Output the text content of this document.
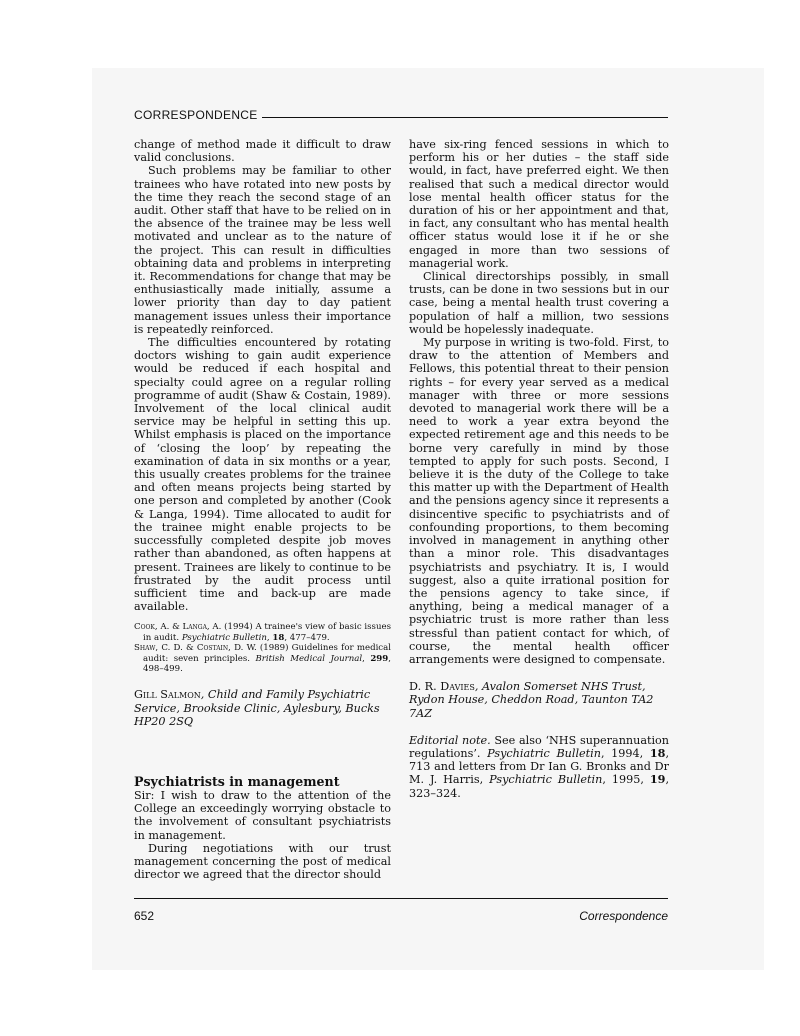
CORRESPONDENCE

change of method made it difficult to draw valid conclusions.

Such problems may be familiar to other trainees who have rotated into new posts by the time they reach the second stage of an audit. Other staff that have to be relied on in the absence of the trainee may be less well motivated and unclear as to the nature of the project. This can result in difficulties obtaining data and problems in interpreting it. Recommendations for change that may be enthusiastically made initially, assume a lower priority than day to day patient management issues unless their importance is repeatedly reinforced.

The difficulties encountered by rotating doctors wishing to gain audit experience would be reduced if each hospital and specialty could agree on a regular rolling programme of audit (Shaw & Costain, 1989). Involvement of the local clinical audit service may be helpful in setting this up. Whilst emphasis is placed on the importance of ‘closing the loop’ by repeating the examination of data in six months or a year, this usually creates problems for the trainee and often means projects being started by one person and completed by another (Cook & Langa, 1994). Time allocated to audit for the trainee might enable projects to be successfully completed despite job moves rather than abandoned, as often happens at present. Trainees are likely to continue to be frustrated by the audit process until sufficient time and back-up are made available.

Cook, A. & Langa, A. (1994) A trainee's view of basic issues in audit. Psychiatric Bulletin, 18, 477–479.

Shaw, C. D. & Costain, D. W. (1989) Guidelines for medical audit: seven principles. British Medical Journal, 299, 498–499.

Gill Salmon, Child and Family Psychiatric Service, Brookside Clinic, Aylesbury, Bucks HP20 2SQ

Psychiatrists in management

Sir: I wish to draw to the attention of the College an exceedingly worrying obstacle to the involvement of consultant psychiatrists in management.

During negotiations with our trust management concerning the post of medical director we agreed that the director should

have six-ring fenced sessions in which to perform his or her duties – the staff side would, in fact, have preferred eight. We then realised that such a medical director would lose mental health officer status for the duration of his or her appointment and that, in fact, any consultant who has mental health officer status would lose it if he or she engaged in more than two sessions of managerial work.

Clinical directorships possibly, in small trusts, can be done in two sessions but in our case, being a mental health trust covering a population of half a million, two sessions would be hopelessly inadequate.

My purpose in writing is two-fold. First, to draw to the attention of Members and Fellows, this potential threat to their pension rights – for every year served as a medical manager with three or more sessions devoted to managerial work there will be a need to work a year extra beyond the expected retirement age and this needs to be borne very carefully in mind by those tempted to apply for such posts. Second, I believe it is the duty of the College to take this matter up with the Department of Health and the pensions agency since it represents a disincentive specific to psychiatrists and of confounding proportions, to them becoming involved in management in anything other than a minor role. This disadvantages psychiatrists and psychiatry. It is, I would suggest, also a quite irrational position for the pensions agency to take since, if anything, being a medical manager of a psychiatric trust is more rather than less stressful than patient contact for which, of course, the mental health officer arrangements were designed to compensate.

D. R. Davies, Avalon Somerset NHS Trust, Rydon House, Cheddon Road, Taunton TA2 7AZ

Editorial note. See also ‘NHS superannuation regulations’. Psychiatric Bulletin, 1994, 18, 713 and letters from Dr Ian G. Bronks and Dr M. J. Harris, Psychiatric Bulletin, 1995, 19, 323–324.

652	Correspondence
